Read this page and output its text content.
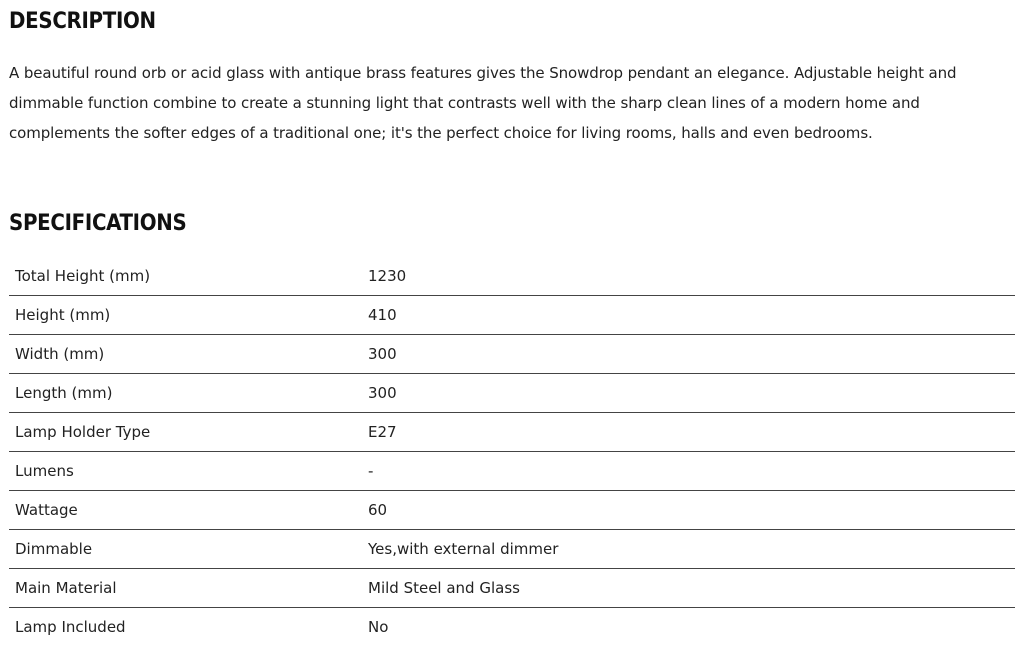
DESCRIPTION

A beautiful round orb or acid glass with antique brass features gives the Snowdrop pendant an elegance. Adjustable height and dimmable function combine to create a stunning light that contrasts well with the sharp clean lines of a modern home and complements the softer edges of a traditional one; it's the perfect choice for living rooms, halls and even bedrooms.

SPECIFICATIONS
Total Height (mm)	1230
Height (mm)	410
Width (mm)	300
Length (mm)	300
Lamp Holder Type	E27
Lumens	-
Wattage	60
Dimmable	Yes,with external dimmer
Main Material	Mild Steel and Glass
Lamp Included	No
